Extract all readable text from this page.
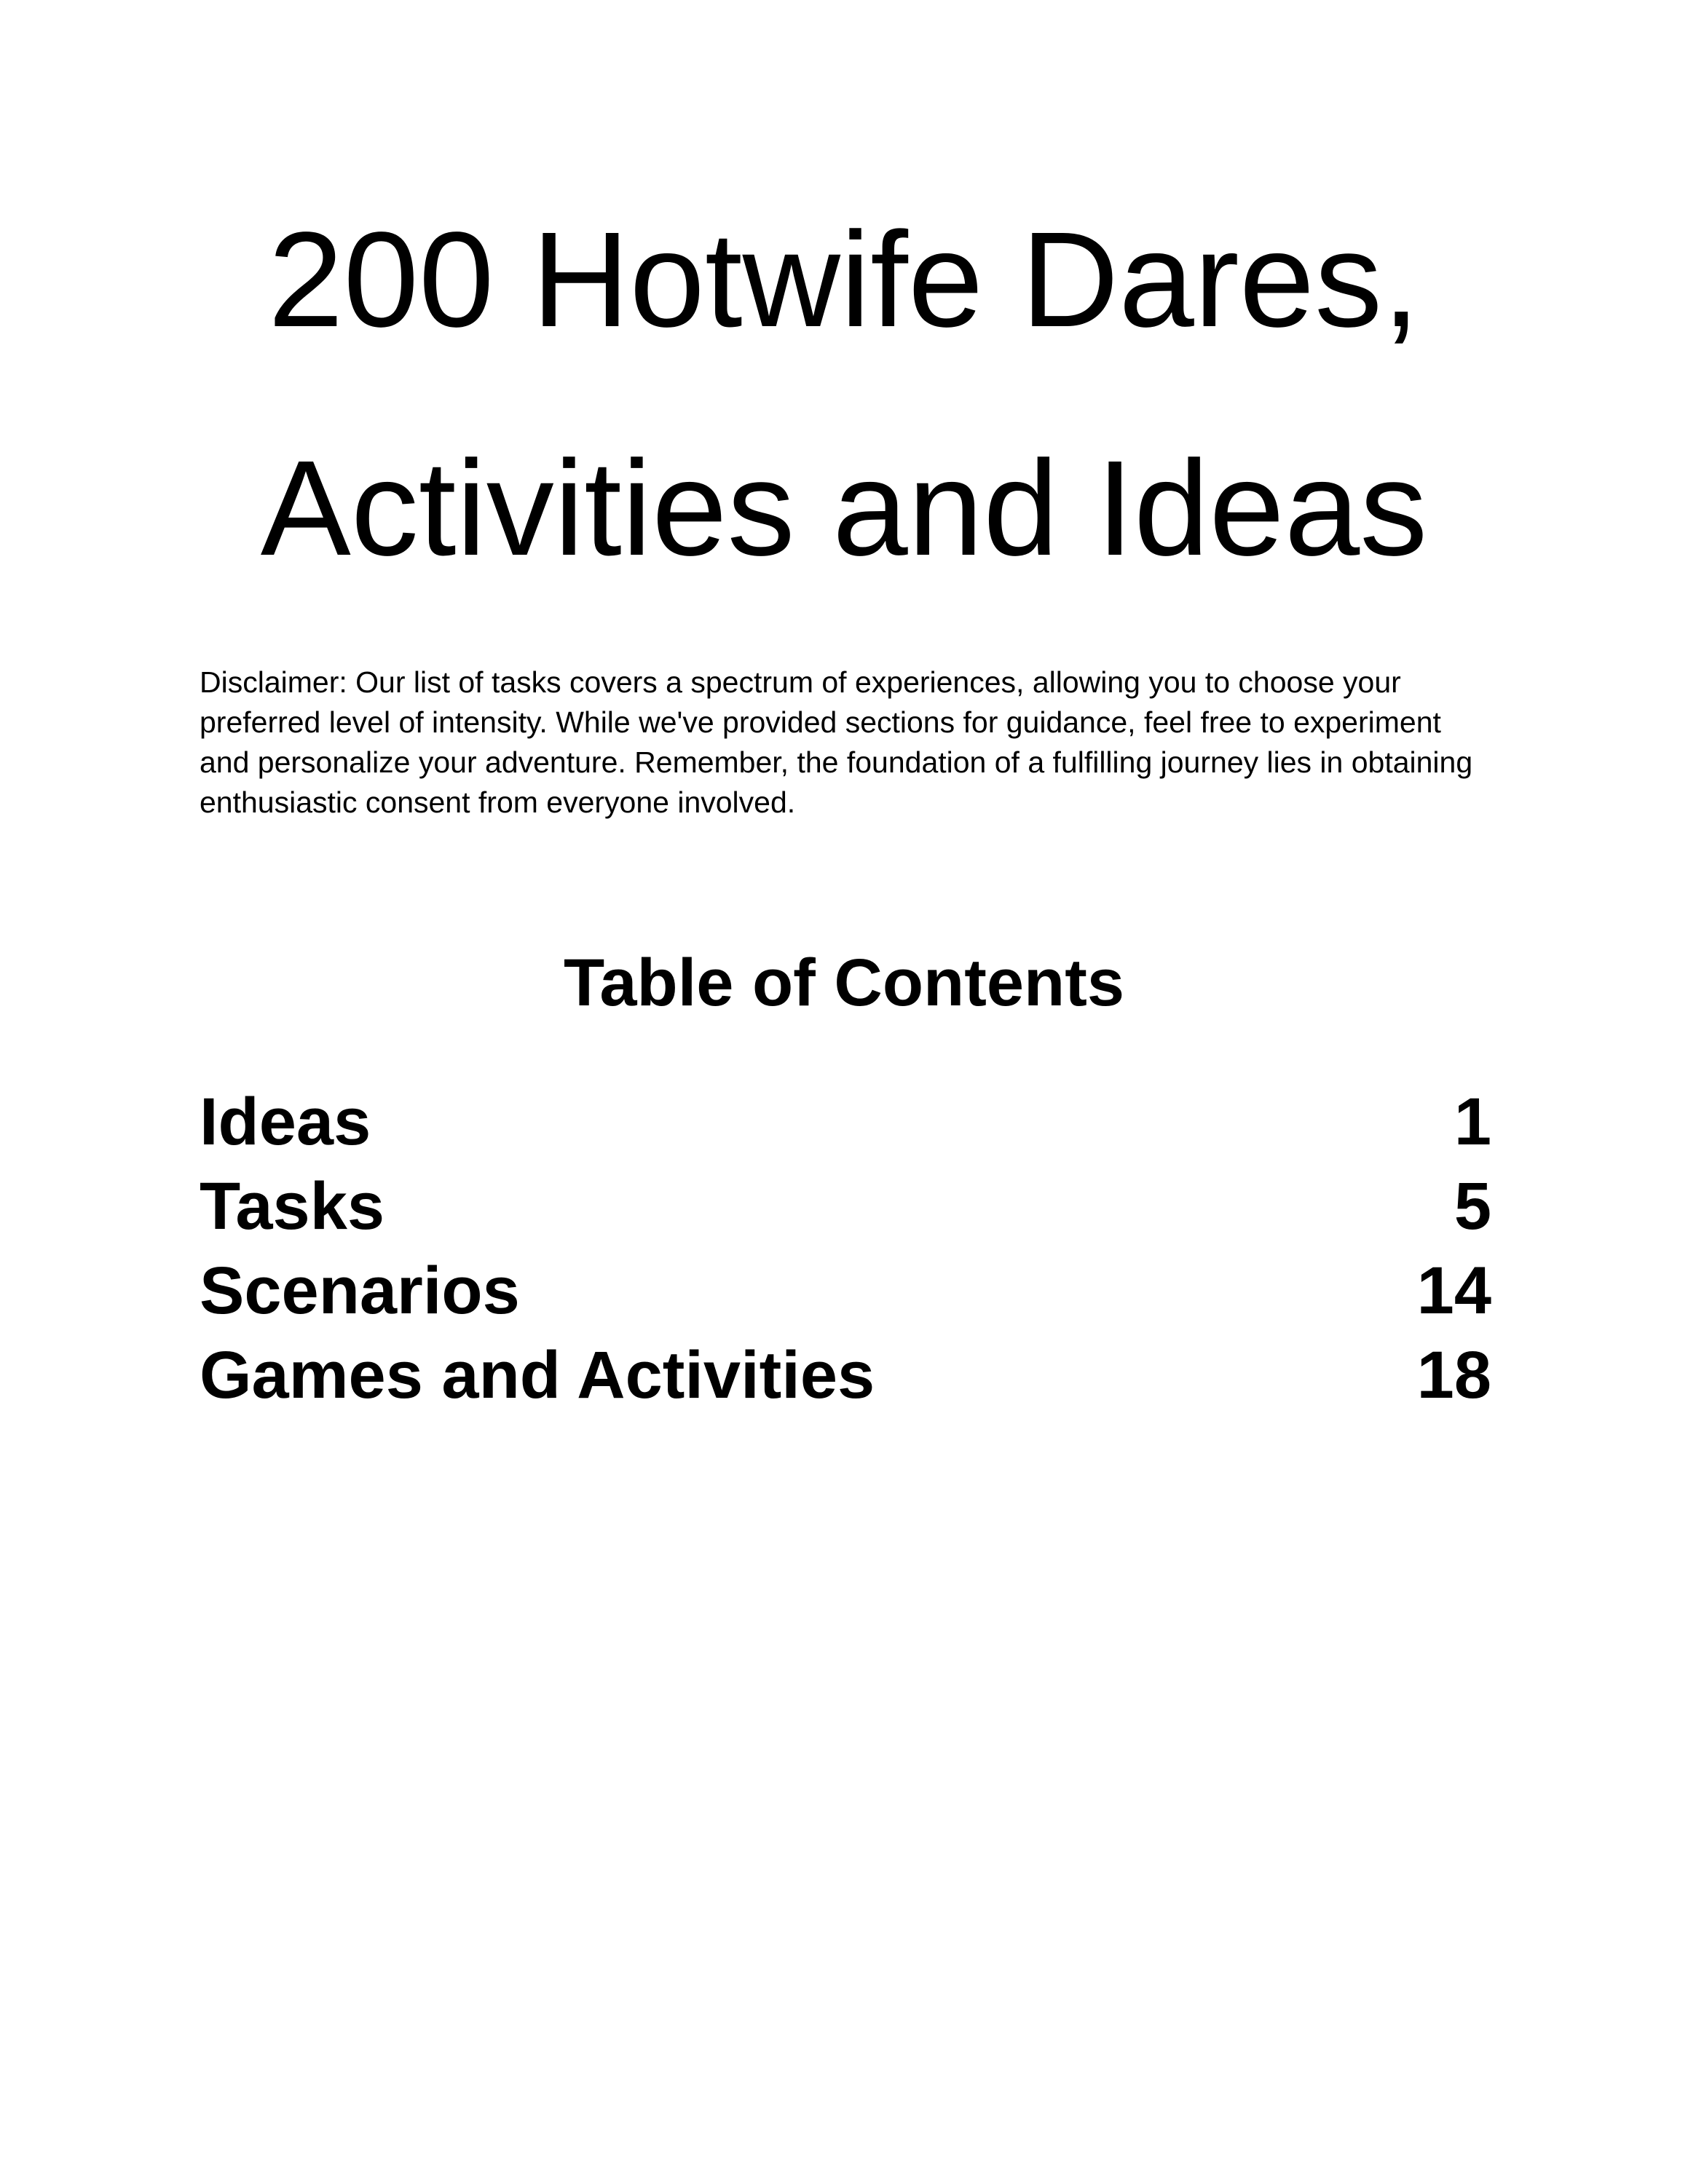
200 Hotwife Dares,
Activities and Ideas

Disclaimer: Our list of tasks covers a spectrum of experiences, allowing you to choose your preferred level of intensity. While we've provided sections for guidance, feel free to experiment and personalize your adventure. Remember, the foundation of a fulfilling journey lies in obtaining enthusiastic consent from everyone involved.

Table of Contents
Ideas	1
Tasks	5
Scenarios	14
Games and Activities	18
